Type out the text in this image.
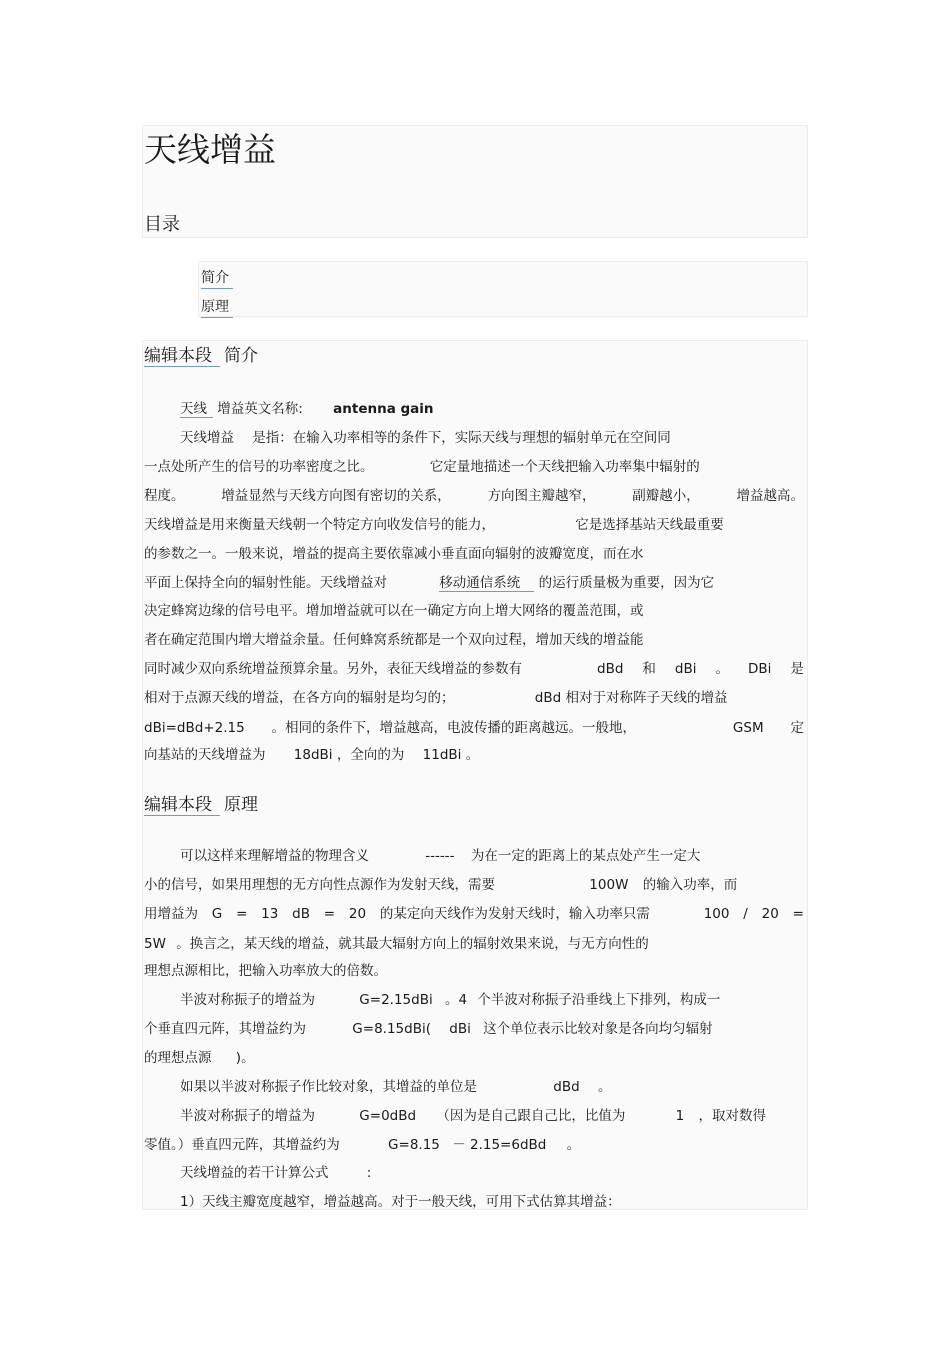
天线增益
目录
简介
原理
编辑本段 简介
天线 增益英文名称: antenna gain
天线增益 是指：在输入功率相等的条件下，实际天线与理想的辐射单元在空间同
一点处所产生的信号的功率密度之比。	它定量地描述一个天线把输入功率集中辐射的
程度。	增益显然与天线方向图有密切的关系，	方向图主瓣越窄，	副瓣越小，	增益越高。
天线增益是用来衡量天线朝一个特定方向收发信号的能力，	它是选择基站天线最重要
的参数之一。一般来说，增益的提高主要依靠减小垂直面向辐射的波瓣宽度，而在水
平面上保持全向的辐射性能。天线增益对	移动通信系统 的运行质量极为重要，因为它
决定蜂窝边缘的信号电平。增加增益就可以在一确定方向上增大网络的覆盖范围，或
者在确定范围内增大增益余量。任何蜂窝系统都是一个双向过程，增加天线的增益能
同时减少双向系统增益预算余量。另外，表征天线增益的参数有	dBd 和 dBi 。 DBi 是
相对于点源天线的增益，在各方向的辐射是均匀的；	dBd 相对于对称阵子天线的增益
dBi=dBd+2.15 。相同的条件下，增益越高，电波传播的距离越远。一般地，	GSM 定
向基站的天线增益为 18dBi ，全向的为 11dBi 。
编辑本段 原理
可以这样来理解增益的物理含义	------ 为在一定的距离上的某点处产生一定大
小的信号，如果用理想的无方向性点源作为发射天线，需要	100W 的输入功率，而
用增益为 G = 13 dB = 20 的某定向天线作为发射天线时，输入功率只需	100 / 20 =
5W 。换言之，某天线的增益，就其最大辐射方向上的辐射效果来说，与无方向性的
理想点源相比，把输入功率放大的倍数。
半波对称振子的增益为	G=2.15dBi 。4 个半波对称振子沿垂线上下排列，构成一
个垂直四元阵，其增益约为	G=8.15dBi( dBi 这个单位表示比较对象是各向均匀辐射
的理想点源 )。
如果以半波对称振子作比较对象，其增益的单位是	dBd 。
半波对称振子的增益为	G=0dBd （因为是自己跟自己比，比值为	1 ，取对数得
零值。）垂直四元阵，其增益约为	G=8.15 － 2.15=6dBd 。
天线增益的若干计算公式	:
1）天线主瓣宽度越窄，增益越高。对于一般天线，可用下式估算其增益：
